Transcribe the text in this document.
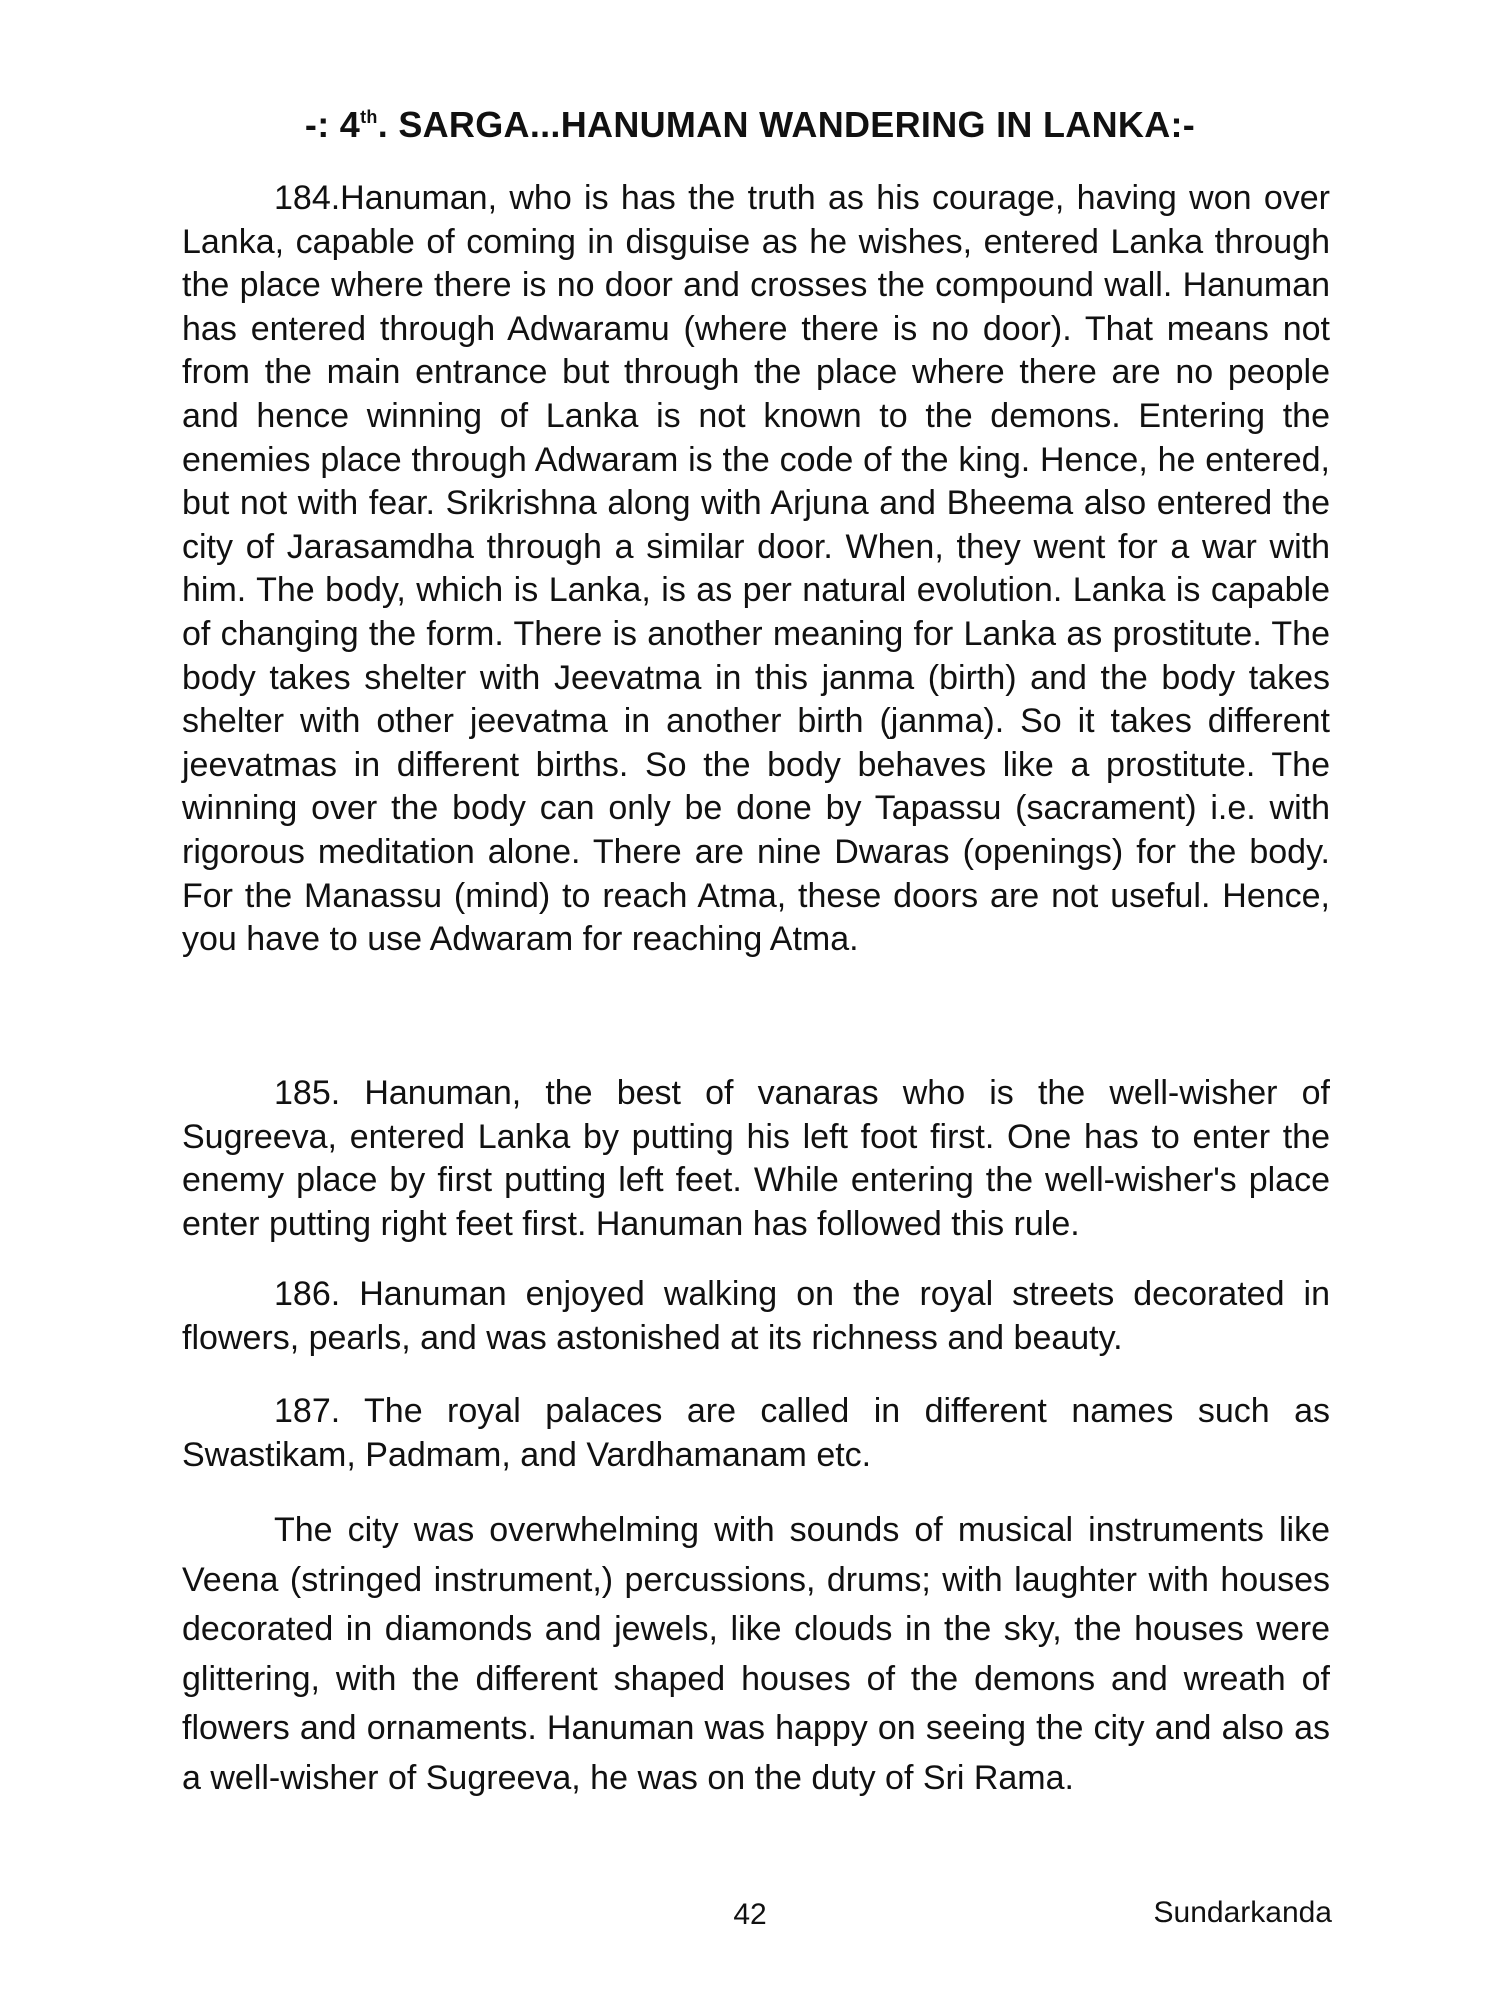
-: 4th. SARGA...HANUMAN WANDERING IN LANKA:-

184.Hanuman, who is has the truth as his courage, having won over Lanka, capable of coming in disguise as he wishes, entered Lanka through the place where there is no door and crosses the compound wall. Hanuman has entered through Adwaramu (where there is no door). That means not from the main entrance but through the place where there are no people and hence winning of Lanka is not known to the demons. Entering the enemies place through Adwaram is the code of the king. Hence, he entered, but not with fear. Srikrishna along with Arjuna and Bheema also entered the city of Jarasamdha through a similar door. When, they went for a war with him. The body, which is Lanka, is as per natural evolution. Lanka is capable of changing the form. There is another meaning for Lanka as prostitute. The body takes shelter with Jeevatma in this janma (birth) and the body takes shelter with other jeevatma in another birth (janma). So it takes different jeevatmas in different births. So the body behaves like a prostitute. The winning over the body can only be done by Tapassu (sacrament) i.e. with rigorous meditation alone. There are nine Dwaras (openings) for the body. For the Manassu (mind) to reach Atma, these doors are not useful. Hence, you have to use Adwaram for reaching Atma.

185. Hanuman, the best of vanaras who is the well-wisher of Sugreeva, entered Lanka by putting his left foot first. One has to enter the enemy place by first putting left feet. While entering the well-wisher's place enter putting right feet first. Hanuman has followed this rule.

186. Hanuman enjoyed walking on the royal streets decorated in flowers, pearls, and was astonished at its richness and beauty.

187. The royal palaces are called in different names such as Swastikam, Padmam, and Vardhamanam etc.

The city was overwhelming with sounds of musical instruments like Veena (stringed instrument,) percussions, drums; with laughter with houses decorated in diamonds and jewels, like clouds in the sky, the houses were glittering, with the different shaped houses of the demons and wreath of flowers and ornaments. Hanuman was happy on seeing the city and also as a well-wisher of Sugreeva, he was on the duty of Sri Rama.

42	Sundarkanda
